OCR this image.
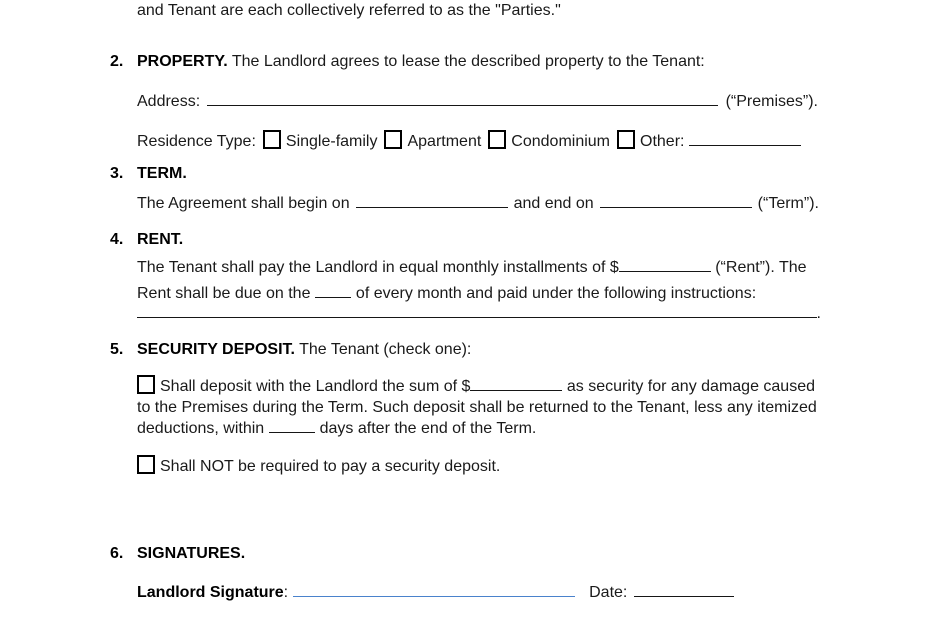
and Tenant are each collectively referred to as the "Parties."
2. PROPERTY. The Landlord agrees to lease the described property to the Tenant:
Address:	(“Premises”).
Residence Type: Single-family Apartment Condominium Other:
3. TERM.
The Agreement shall begin on	and end on	(“Term”).
4. RENT.
The Tenant shall pay the Landlord in equal monthly installments of $	(“Rent”). The Rent shall be due on the	of every month and paid under the following instructions:
.
5. SECURITY DEPOSIT. The Tenant (check one):
Shall deposit with the Landlord the sum of $	as security for any damage caused to the Premises during the Term. Such deposit shall be returned to the Tenant, less any itemized deductions, within	days after the end of the Term.
Shall NOT be required to pay a security deposit.
6. SIGNATURES.
Landlord Signature :	Date:
